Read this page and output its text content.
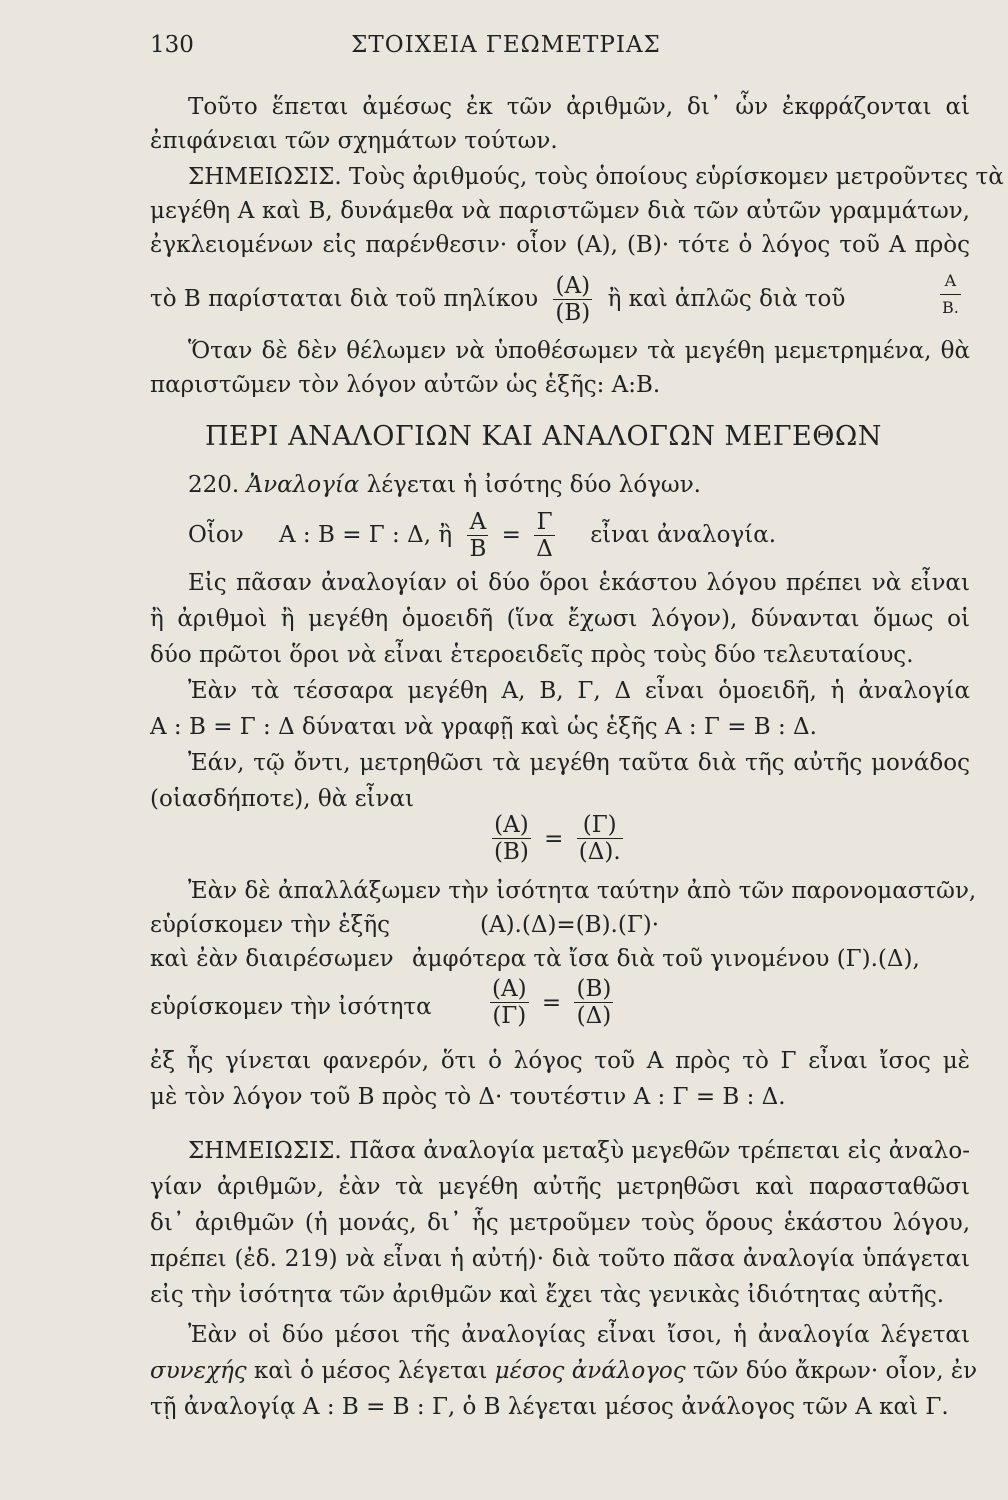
130	ΣΤΟΙΧΕΙΑ ΓΕΩΜΕΤΡΙΑΣ
Τοῦτο ἕπεται ἀμέσως ἐκ τῶν ἀριθμῶν, δι᾽ ὧν ἐκφράζονται αἱ
ἐπιφάνειαι τῶν σχημάτων τούτων.
ΣΗΜΕΙΩΣΙΣ. Τοὺς ἀριθμούς, τοὺς ὁποίους εὑρίσκομεν μετροῦντες τὰ
μεγέθη Α καὶ Β, δυνάμεθα νὰ παριστῶμεν διὰ τῶν αὐτῶν γραμμάτων,
ἐγκλειομένων εἰς παρένθεσιν· οἷον (Α), (Β)· τότε ὁ λόγος τοῦ Α πρὸς
τὸ Β παρίσταται διὰ τοῦ πηλίκου $\frac{(A)}{(B)}$ ἢ καὶ ἁπλῶς διὰ τοῦ	$\frac{A}{B.}$
Ὅταν δὲ δὲν θέλωμεν νὰ ὑποθέσωμεν τὰ μεγέθη μεμετρημένα, θὰ
παριστῶμεν τὸν λόγον αὐτῶν ὡς ἑξῆς: Α:Β.
ΠΕΡΙ ΑΝΑΛΟΓΙΩΝ ΚΑΙ ΑΝΑΛΟΓΩΝ ΜΕΓΕΘΩΝ
220. Ἀναλογία λέγεται ἡ ἰσότης δύο λόγων.
Οἷον Α : Β = Γ : Δ, ἢ $\frac{A}{B} = \frac{\Gamma}{\Delta}$ εἶναι ἀναλογία.
Εἰς πᾶσαν ἀναλογίαν οἱ δύο ὅροι ἑκάστου λόγου πρέπει νὰ εἶναι
ἢ ἀριθμοὶ ἢ μεγέθη ὁμοειδῆ (ἵνα ἔχωσι λόγον), δύνανται ὅμως οἱ
δύο πρῶτοι ὅροι νὰ εἶναι ἑτεροειδεῖς πρὸς τοὺς δύο τελευταίους.
Ἐὰν τὰ τέσσαρα μεγέθη Α, Β, Γ, Δ εἶναι ὁμοειδῆ, ἡ ἀναλογία
Α : Β = Γ : Δ δύναται νὰ γραφῇ καὶ ὡς ἑξῆς Α : Γ = Β : Δ.
Ἐάν, τῷ ὄντι, μετρηθῶσι τὰ μεγέθη ταῦτα διὰ τῆς αὐτῆς μονάδος
(οἱασδήποτε), θὰ εἶναι
$\frac{(A)}{(B)} = \frac{(\Gamma)}{(\Delta).}$
Ἐὰν δὲ ἀπαλλάξωμεν τὴν ἰσότητα ταύτην ἀπὸ τῶν παρονομαστῶν,
εὑρίσκομεν τὴν ἑξῆς	(Α).(Δ)=(Β).(Γ)·
καὶ ἐὰν διαιρέσωμεν ἀμφότερα τὰ ἴσα διὰ τοῦ γινομένου (Γ).(Δ),
εὑρίσκομεν τὴν ἰσότητα	$\frac{(A)}{(\Gamma)} = \frac{(B)}{(\Delta)}$
ἐξ ἧς γίνεται φανερόν, ὅτι ὁ λόγος τοῦ Α πρὸς τὸ Γ εἶναι ἴσος μὲ
μὲ τὸν λόγον τοῦ Β πρὸς τὸ Δ· τουτέστιν Α : Γ = Β : Δ.
ΣΗΜΕΙΩΣΙΣ. Πᾶσα ἀναλογία μεταξὺ μεγεθῶν τρέπεται εἰς ἀναλο-
γίαν ἀριθμῶν, ἐὰν τὰ μεγέθη αὐτῆς μετρηθῶσι καὶ παρασταθῶσι
δι᾽ ἀριθμῶν (ἡ μονάς, δι᾽ ἧς μετροῦμεν τοὺς ὅρους ἑκάστου λόγου,
πρέπει (ἐδ. 219) νὰ εἶναι ἡ αὐτή)· διὰ τοῦτο πᾶσα ἀναλογία ὑπάγεται
εἰς τὴν ἰσότητα τῶν ἀριθμῶν καὶ ἔχει τὰς γενικὰς ἰδιότητας αὐτῆς.
Ἐὰν οἱ δύο μέσοι τῆς ἀναλογίας εἶναι ἴσοι, ἡ ἀναλογία λέγεται
συνεχής καὶ ὁ μέσος λέγεται μέσος ἀνάλογος τῶν δύο ἄκρων· οἷον, ἐν
τῇ ἀναλογίᾳ Α : Β = Β : Γ, ὁ Β λέγεται μέσος ἀνάλογος τῶν Α καὶ Γ.
